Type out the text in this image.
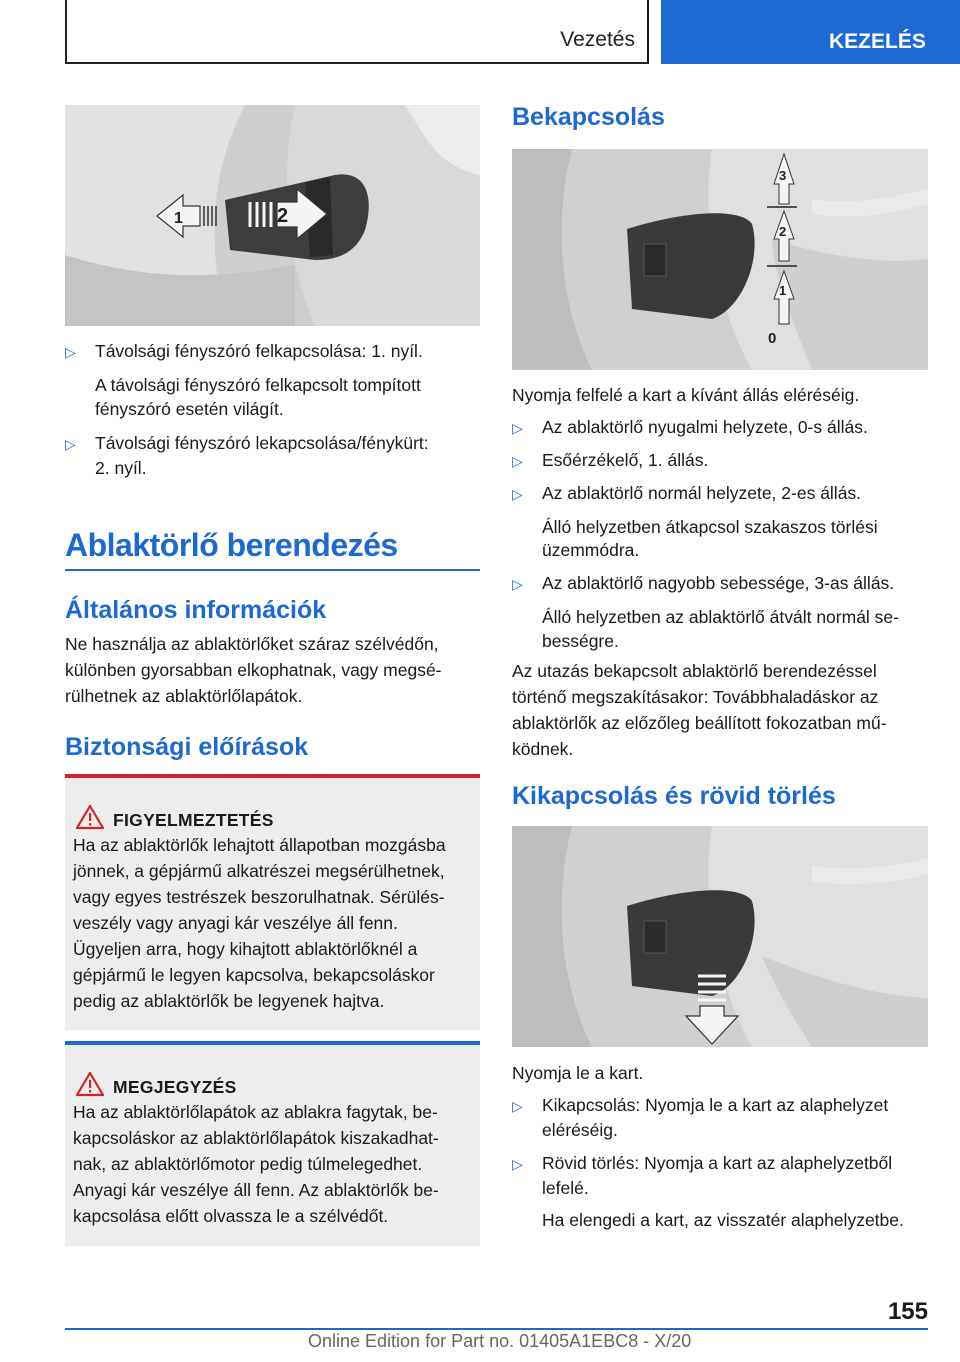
Vezetés	KEZELÉS
1	2
▷ Távolsági fényszóró felkapcsolása: 1. nyíl.
A távolsági fényszóró felkapcsolt tompított
fényszóró esetén világít.
▷ Távolsági fényszóró lekapcsolása/fénykürt:
2. nyíl.
Ablaktörlő berendezés
Általános információk
Ne használja az ablaktörlőket száraz szélvédőn,
különben gyorsabban elkophatnak, vagy megsé-
rülhetnek az ablaktörlőlapátok.
Biztonsági előírások
FIGYELMEZTETÉS
Ha az ablaktörlők lehajtott állapotban mozgásba
jönnek, a gépjármű alkatrészei megsérülhetnek,
vagy egyes testrészek beszorulhatnak. Sérülés-
veszély vagy anyagi kár veszélye áll fenn.
Ügyeljen arra, hogy kihajtott ablaktörlőknél a
gépjármű le legyen kapcsolva, bekapcsoláskor
pedig az ablaktörlők be legyenek hajtva.
MEGJEGYZÉS
Ha az ablaktörlőlapátok az ablakra fagytak, be-
kapcsoláskor az ablaktörlőlapátok kiszakadhat-
nak, az ablaktörlőmotor pedig túlmelegedhet.
Anyagi kár veszélye áll fenn. Az ablaktörlők be-
kapcsolása előtt olvassza le a szélvédőt.
Bekapcsolás
3
2
1
0
Nyomja felfelé a kart a kívánt állás eléréséig.
▷ Az ablaktörlő nyugalmi helyzete, 0-s állás.
▷ Esőérzékelő, 1. állás.
▷ Az ablaktörlő normál helyzete, 2-es állás.
Álló helyzetben átkapcsol szakaszos törlési
üzemmódra.
▷ Az ablaktörlő nagyobb sebessége, 3-as állás.
Álló helyzetben az ablaktörlő átvált normál se-
bességre.
Az utazás bekapcsolt ablaktörlő berendezéssel
történő megszakításakor: Továbbhaladáskor az
ablaktörlők az előzőleg beállított fokozatban mű-
ködnek.
Kikapcsolás és rövid törlés
Nyomja le a kart.
▷ Kikapcsolás: Nyomja le a kart az alaphelyzet
eléréséig.
▷ Rövid törlés: Nyomja a kart az alaphelyzetből
lefelé.
Ha elengedi a kart, az visszatér alaphelyzetbe.
155
Online Edition for Part no. 01405A1EBC8 - X/20
